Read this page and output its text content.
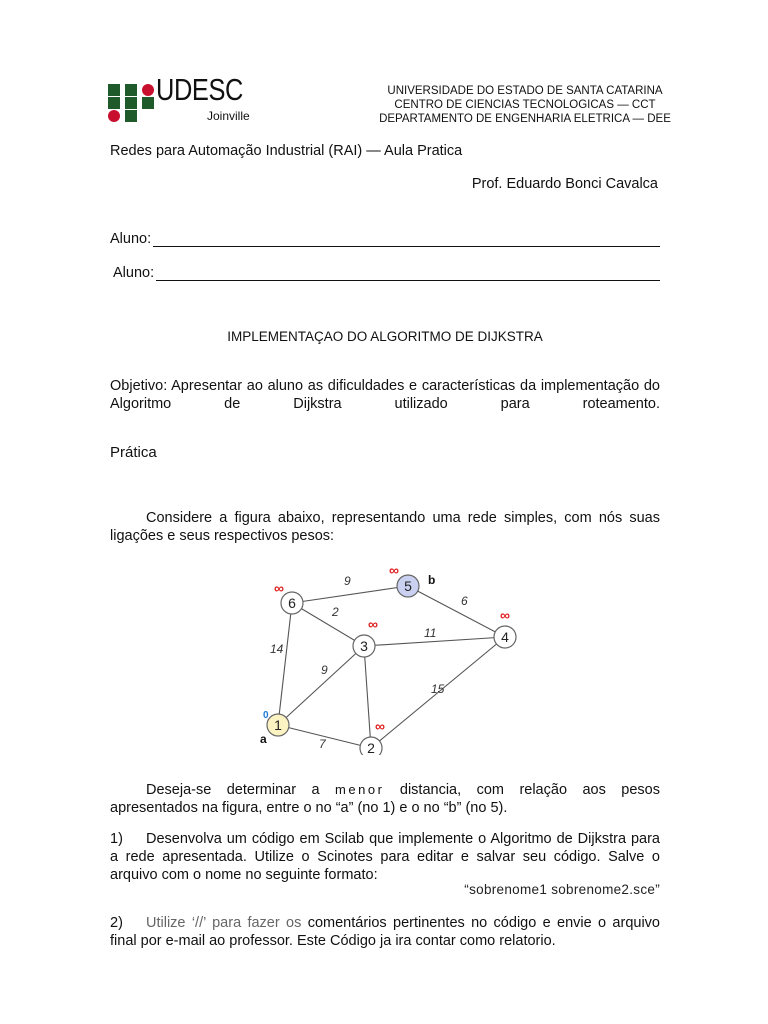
UDESC
Joinville
UNIVERSIDADE DO ESTADO DE SANTA CATARINA
CENTRO DE CIENCIAS TECNOLOGICAS — CCT
DEPARTAMENTO DE ENGENHARIA ELETRICA — DEE
Redes para Automação Industrial (RAI) — Aula Pratica
Prof. Eduardo Bonci Cavalca
Aluno:
Aluno:
IMPLEMENTAÇAO DO ALGORITMO DE DIJKSTRA
Objetivo: Apresentar ao aluno as dificuldades e características da implementação do Algoritmo de Dijkstra utilizado para roteamento.
Prática
Considere a figura abaixo, representando uma rede simples, com nós suas ligações e seus respectivos pesos:
9
6
2
11
14
9
15
7
1
0
a
2
∞
3
∞
4
∞
5
∞
b
6
∞
Deseja-se determinar a menor distancia, com relação aos pesos apresentados na figura, entre o no “a” (no 1) e o no “b” (no 5).
1) Desenvolva um código em Scilab que implemente o Algoritmo de Dijkstra para a rede apresentada. Utilize o Scinotes para editar e salvar seu código. Salve o arquivo com o nome no seguinte formato:
“sobrenome1 sobrenome2.sce”
2) Utilize ‘//’ para fazer os comentários pertinentes no código e envie o arquivo final por e-mail ao professor. Este Código ja ira contar como relatorio.
